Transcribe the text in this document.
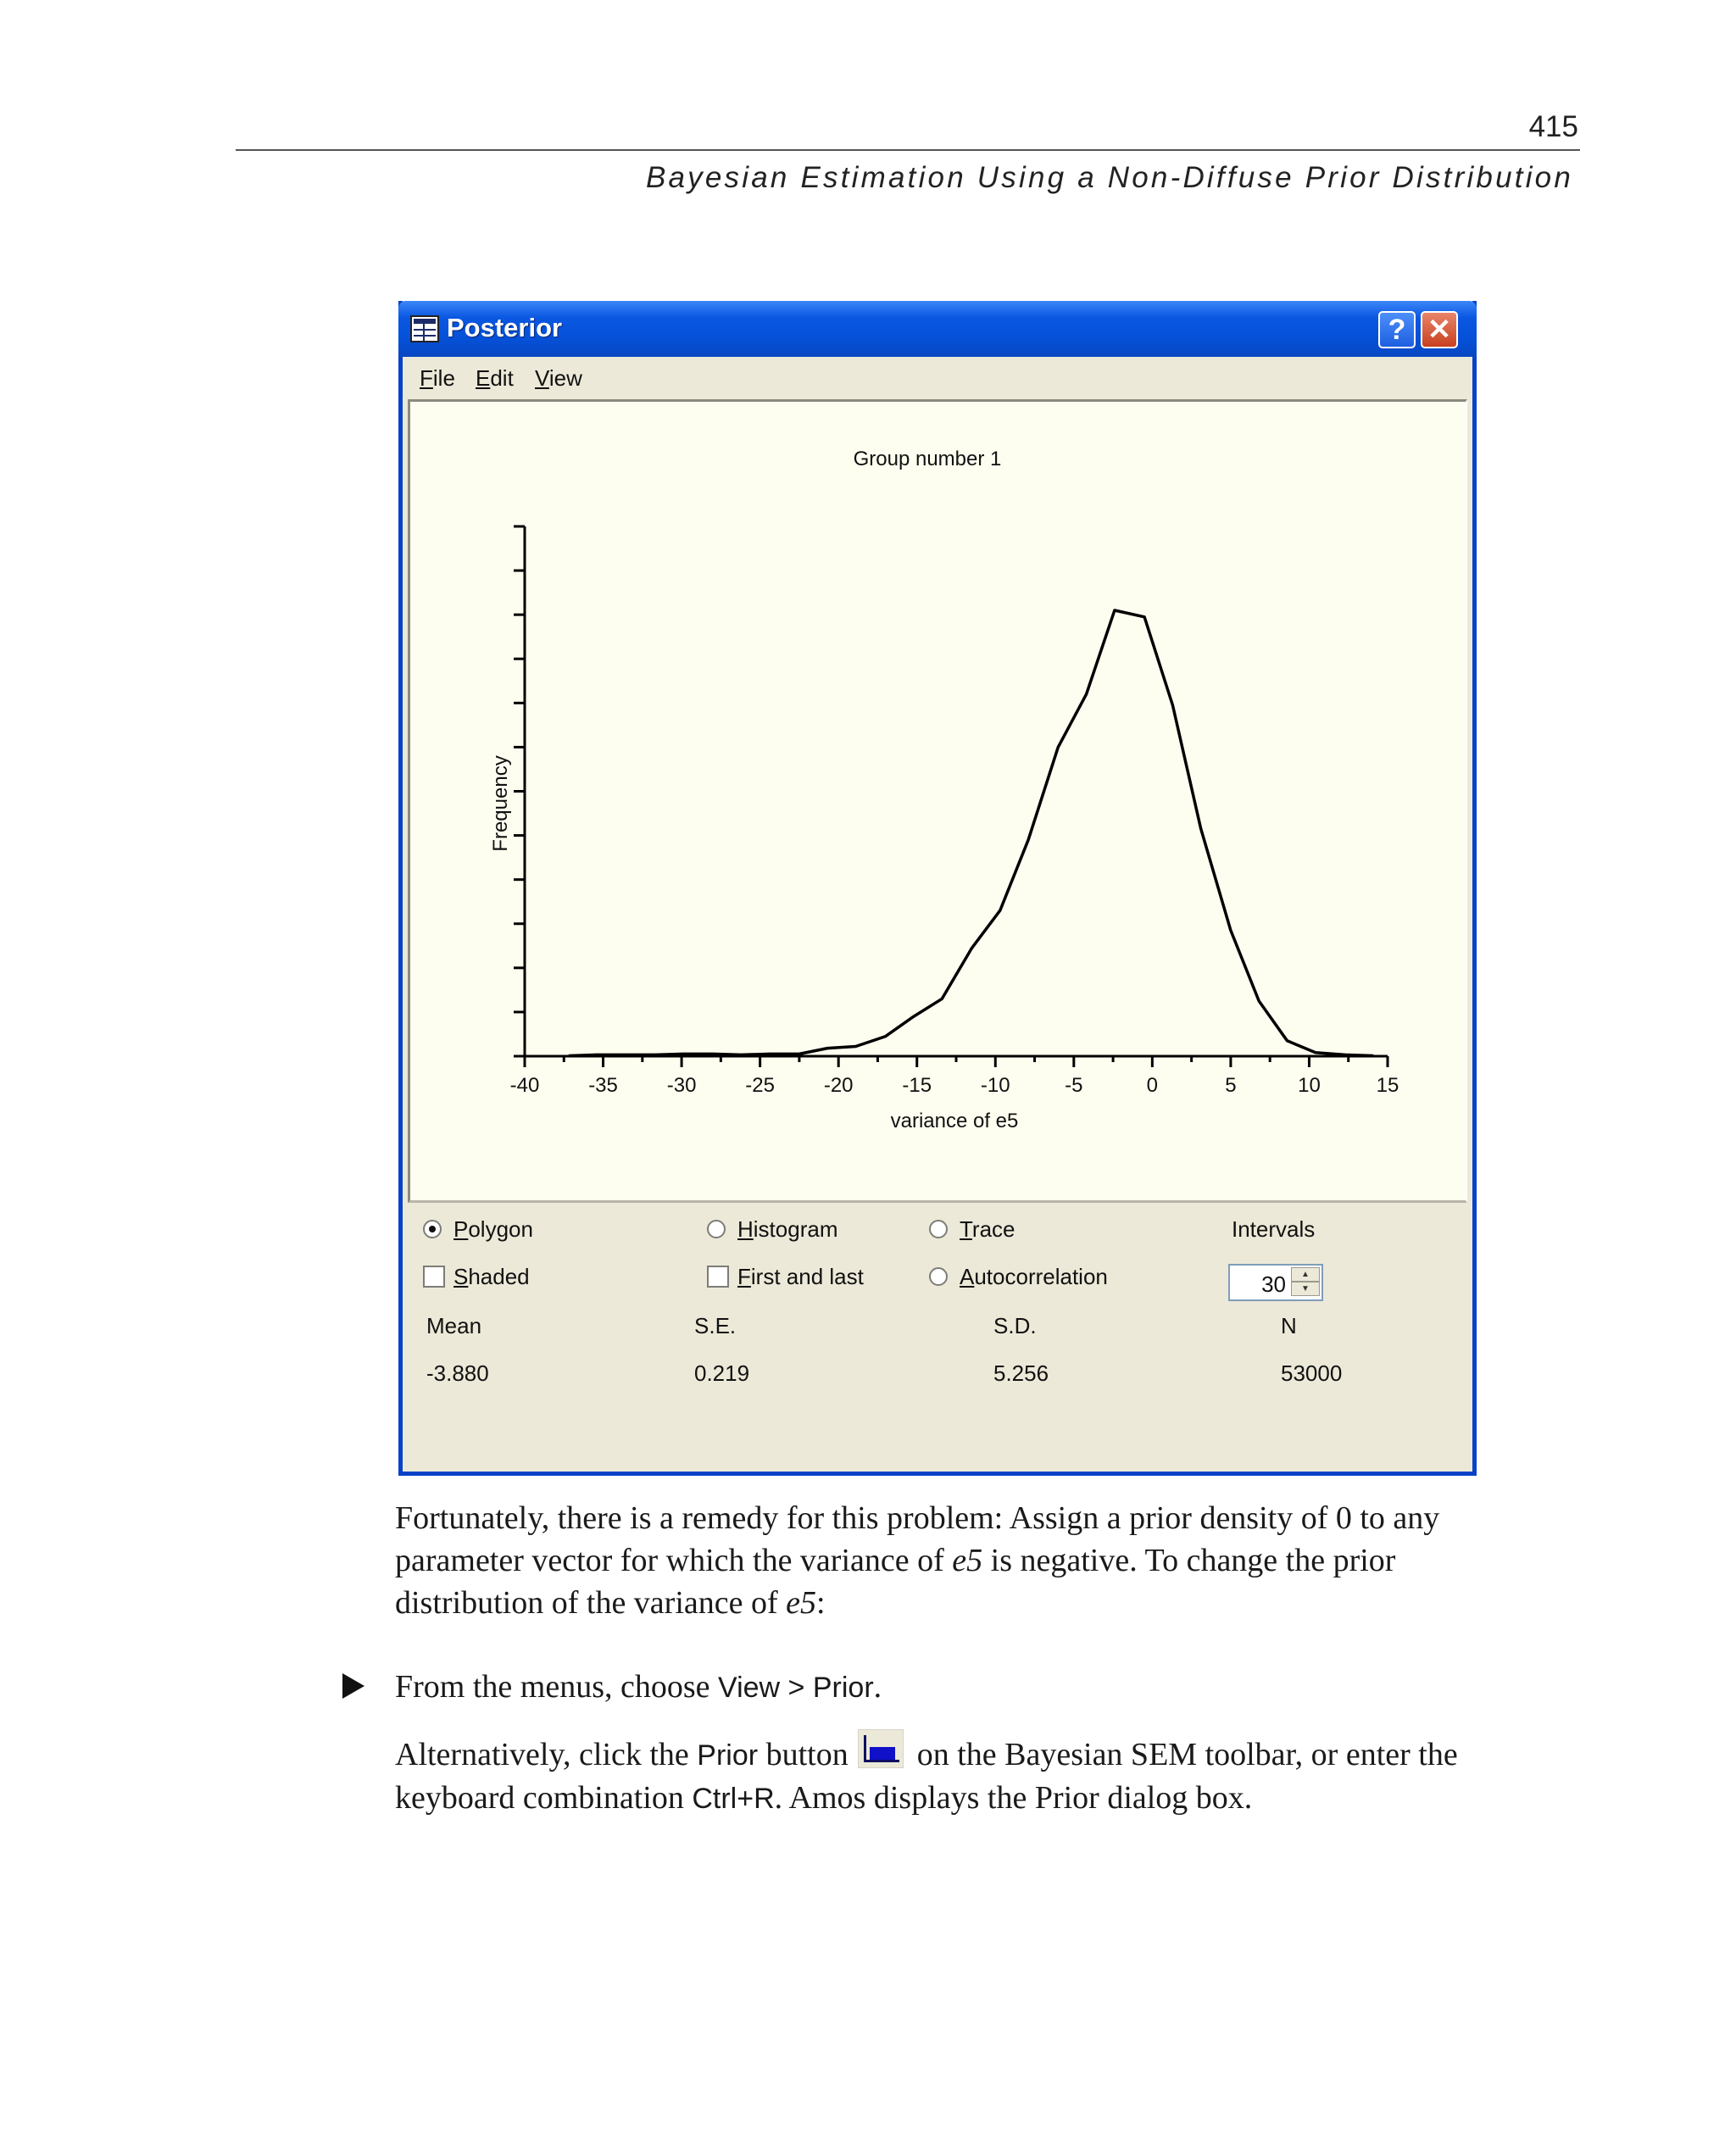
415
Bayesian Estimation Using a Non-Diffuse Prior Distribution
Posterior	? ✕
File Edit View
Group number 1
Frequency
variance of e5
-40 -35 -30 -25 -20 -15 -10	-5	0	5	10	15
Polygon	Histogram	Trace	Intervals
Shaded	First and last	Autocorrelation	30	▲
▼
Mean	S.E.	S.D.	N
-3.880	0.219	5.256	53000
Fortunately, there is a remedy for this problem: Assign a prior density of 0 to any
parameter vector for which the variance of e5 is negative. To change the prior
distribution of the variance of e5:
From the menus, choose View > Prior.
Alternatively, click the Prior button
on the Bayesian SEM toolbar, or enter the
keyboard combination Ctrl+R. Amos displays the Prior dialog box.
